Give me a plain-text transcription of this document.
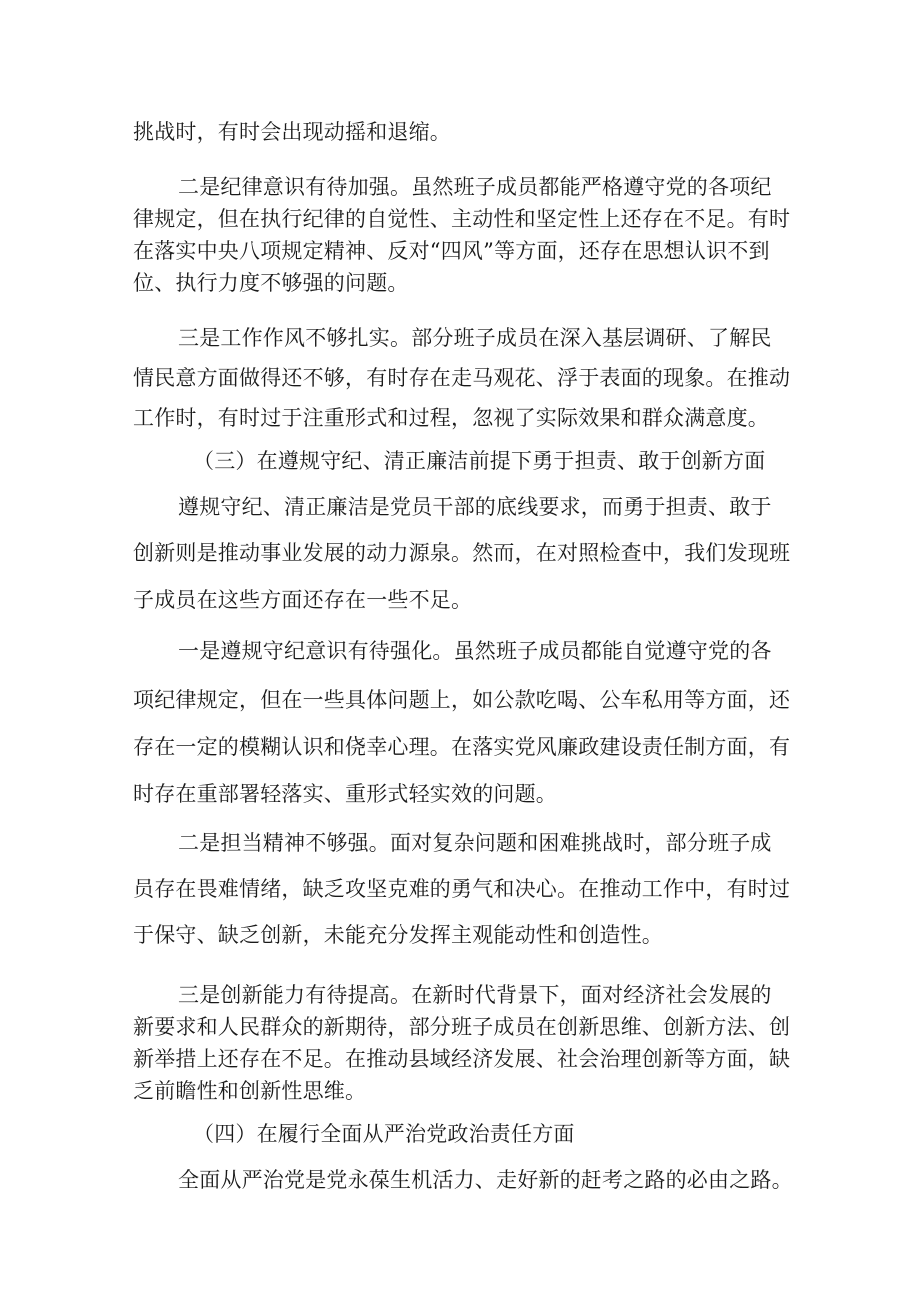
挑战时，有时会出现动摇和退缩。
二是纪律意识有待加强。虽然班子成员都能严格遵守党的各项纪
律规定，但在执行纪律的自觉性、主动性和坚定性上还存在不足。有时
在落实中央八项规定精神、反对“四风”等方面，还存在思想认识不到
位、执行力度不够强的问题。
三是工作作风不够扎实。部分班子成员在深入基层调研、了解民
情民意方面做得还不够，有时存在走马观花、浮于表面的现象。在推动
工作时，有时过于注重形式和过程，忽视了实际效果和群众满意度。
（三）在遵规守纪、清正廉洁前提下勇于担责、敢于创新方面
遵规守纪、清正廉洁是党员干部的底线要求，而勇于担责、敢于
创新则是推动事业发展的动力源泉。然而，在对照检查中，我们发现班
子成员在这些方面还存在一些不足。
一是遵规守纪意识有待强化。虽然班子成员都能自觉遵守党的各
项纪律规定，但在一些具体问题上，如公款吃喝、公车私用等方面，还
存在一定的模糊认识和侥幸心理。在落实党风廉政建设责任制方面，有
时存在重部署轻落实、重形式轻实效的问题。
二是担当精神不够强。面对复杂问题和困难挑战时，部分班子成
员存在畏难情绪，缺乏攻坚克难的勇气和决心。在推动工作中，有时过
于保守、缺乏创新，未能充分发挥主观能动性和创造性。
三是创新能力有待提高。在新时代背景下，面对经济社会发展的
新要求和人民群众的新期待，部分班子成员在创新思维、创新方法、创
新举措上还存在不足。在推动县域经济发展、社会治理创新等方面，缺
乏前瞻性和创新性思维。
（四）在履行全面从严治党政治责任方面
全面从严治党是党永葆生机活力、走好新的赶考之路的必由之路。
